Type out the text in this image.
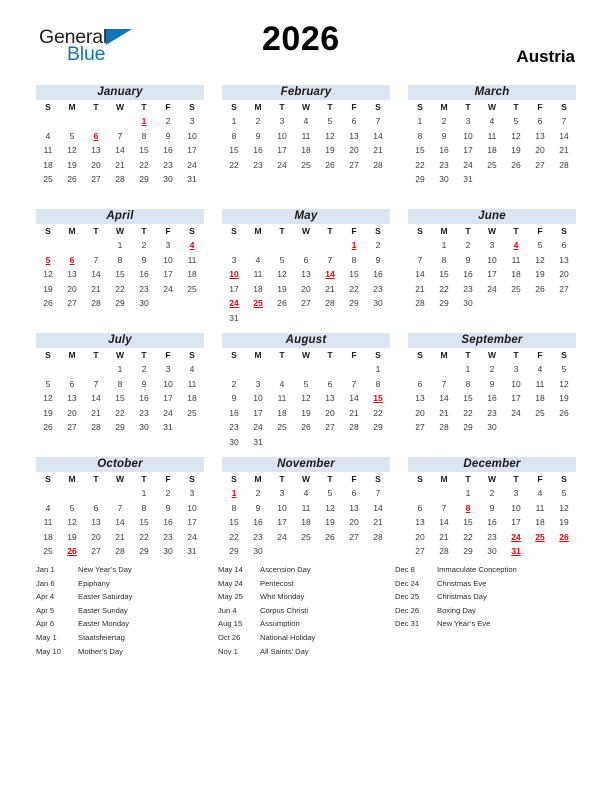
General
Blue	2026	Austria
January
S	M	T	W	T	F	S
				1	2	3
4	5	6	7	8	9	10
11	12	13	14	15	16	17
18	19	20	21	22	23	24
25	26	27	28	29	30	31

February
S	M	T	W	T	F	S
1	2	3	4	5	6	7
8	9	10	11	12	13	14
15	16	17	18	19	20	21
22	23	24	25	26	27	28

March
S	M	T	W	T	F	S
1	2	3	4	5	6	7
8	9	10	11	12	13	14
15	16	17	18	19	20	21
22	23	24	25	26	27	28
29	30	31				

April
S	M	T	W	T	F	S
			1	2	3	4
5	6	7	8	9	10	11
12	13	14	15	16	17	18
19	20	21	22	23	24	25
26	27	28	29	30		

May
S	M	T	W	T	F	S
					1	2
3	4	5	6	7	8	9
10	11	12	13	14	15	16
17	18	19	20	21	22	23
24	25	26	27	28	29	30
31						
June
S	M	T	W	T	F	S
	1	2	3	4	5	6
7	8	9	10	11	12	13
14	15	16	17	18	19	20
21	22	23	24	25	26	27
28	29	30				

July
S	M	T	W	T	F	S
			1	2	3	4
5	6	7	8	9	10	11
12	13	14	15	16	17	18
19	20	21	22	23	24	25
26	27	28	29	30	31	

August
S	M	T	W	T	F	S
						1
2	3	4	5	6	7	8
9	10	11	12	13	14	15
16	17	18	19	20	21	22
23	24	25	26	27	28	29
30	31					
September
S	M	T	W	T	F	S
		1	2	3	4	5
6	7	8	9	10	11	12
13	14	15	16	17	18	19
20	21	22	23	24	25	26
27	28	29	30			

October
S	M	T	W	T	F	S
				1	2	3
4	5	6	7	8	9	10
11	12	13	14	15	16	17
18	19	20	21	22	23	24
25	26	27	28	29	30	31

November
S	M	T	W	T	F	S
1	2	3	4	5	6	7
8	9	10	11	12	13	14
15	16	17	18	19	20	21
22	23	24	25	26	27	28
29	30					

December
S	M	T	W	T	F	S
		1	2	3	4	5
6	7	8	9	10	11	12
13	14	15	16	17	18	19
20	21	22	23	24	25	26
27	28	29	30	31		

Jan 1	New Year’s Day
Jan 6	Epiphany
Apr 4	Easter Saturday
Apr 5	Easter Sunday
Apr 6	Easter Monday
May 1	Staatsfeiertag
May 10	Mother’s Day
May 14	Ascension Day
May 24	Pentecost
May 25	Whit Monday
Jun 4	Corpus Christi
Aug 15	Assumption
Oct 26	National Holiday
Nov 1	All Saints’ Day
Dec 8	Immaculate Conception
Dec 24	Christmas Eve
Dec 25	Christmas Day
Dec 26	Boxing Day
Dec 31	New Year’s Eve
